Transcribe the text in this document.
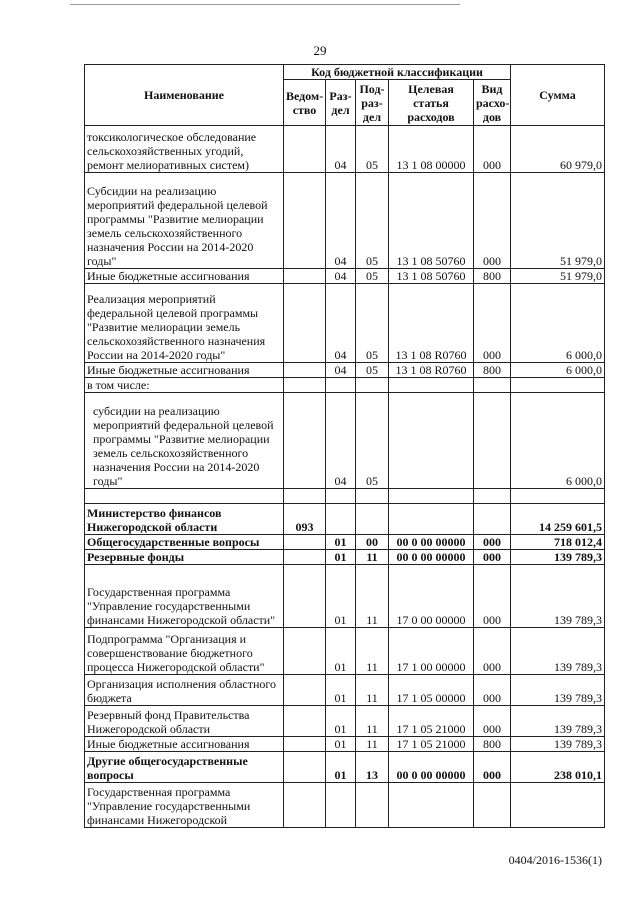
29
Наименование	Код бюджетной классификации					Сумма
	Ведом-ство	Раз-дел	Под-раз-дел	Целевая статья расходов	Вид расхо-дов	
токсикологическое обследование сельскохозяйственных угодий, ремонт мелиоративных систем)		04	05	13 1 08 00000	000	60 979,0
Субсидии на реализацию мероприятий федеральной целевой программы "Развитие мелиорации земель сельскохозяйственного назначения России на 2014-2020 годы"		04	05	13 1 08 50760	000	51 979,0
Иные бюджетные ассигнования		04	05	13 1 08 50760	800	51 979,0
Реализация мероприятий федеральной целевой программы "Развитие мелиорации земель сельскохозяйственного назначения России на 2014-2020 годы"		04	05	13 1 08 R0760	000	6 000,0
Иные бюджетные ассигнования		04	05	13 1 08 R0760	800	6 000,0
в том числе:						
субсидии на реализацию мероприятий федеральной целевой программы "Развитие мелиорации земель сельскохозяйственного назначения России на 2014-2020 годы"		04	05			6 000,0

Министерство финансов Нижегородской области	093					14 259 601,5
Общегосударственные вопросы		01	00	00 0 00 00000	000	718 012,4
Резервные фонды		01	11	00 0 00 00000	000	139 789,3
Государственная программа "Управление государственными финансами Нижегородской области"		01	11	17 0 00 00000	000	139 789,3
Подпрограмма "Организация и совершенствование бюджетного процесса Нижегородской области"		01	11	17 1 00 00000	000	139 789,3
Организация исполнения областного бюджета		01	11	17 1 05 00000	000	139 789,3
Резервный фонд Правительства Нижегородской области		01	11	17 1 05 21000	000	139 789,3
Иные бюджетные ассигнования		01	11	17 1 05 21000	800	139 789,3
Другие общегосударственные вопросы		01	13	00 0 00 00000	000	238 010,1
Государственная программа "Управление государственными финансами Нижегородской						
0404/2016-1536(1)
